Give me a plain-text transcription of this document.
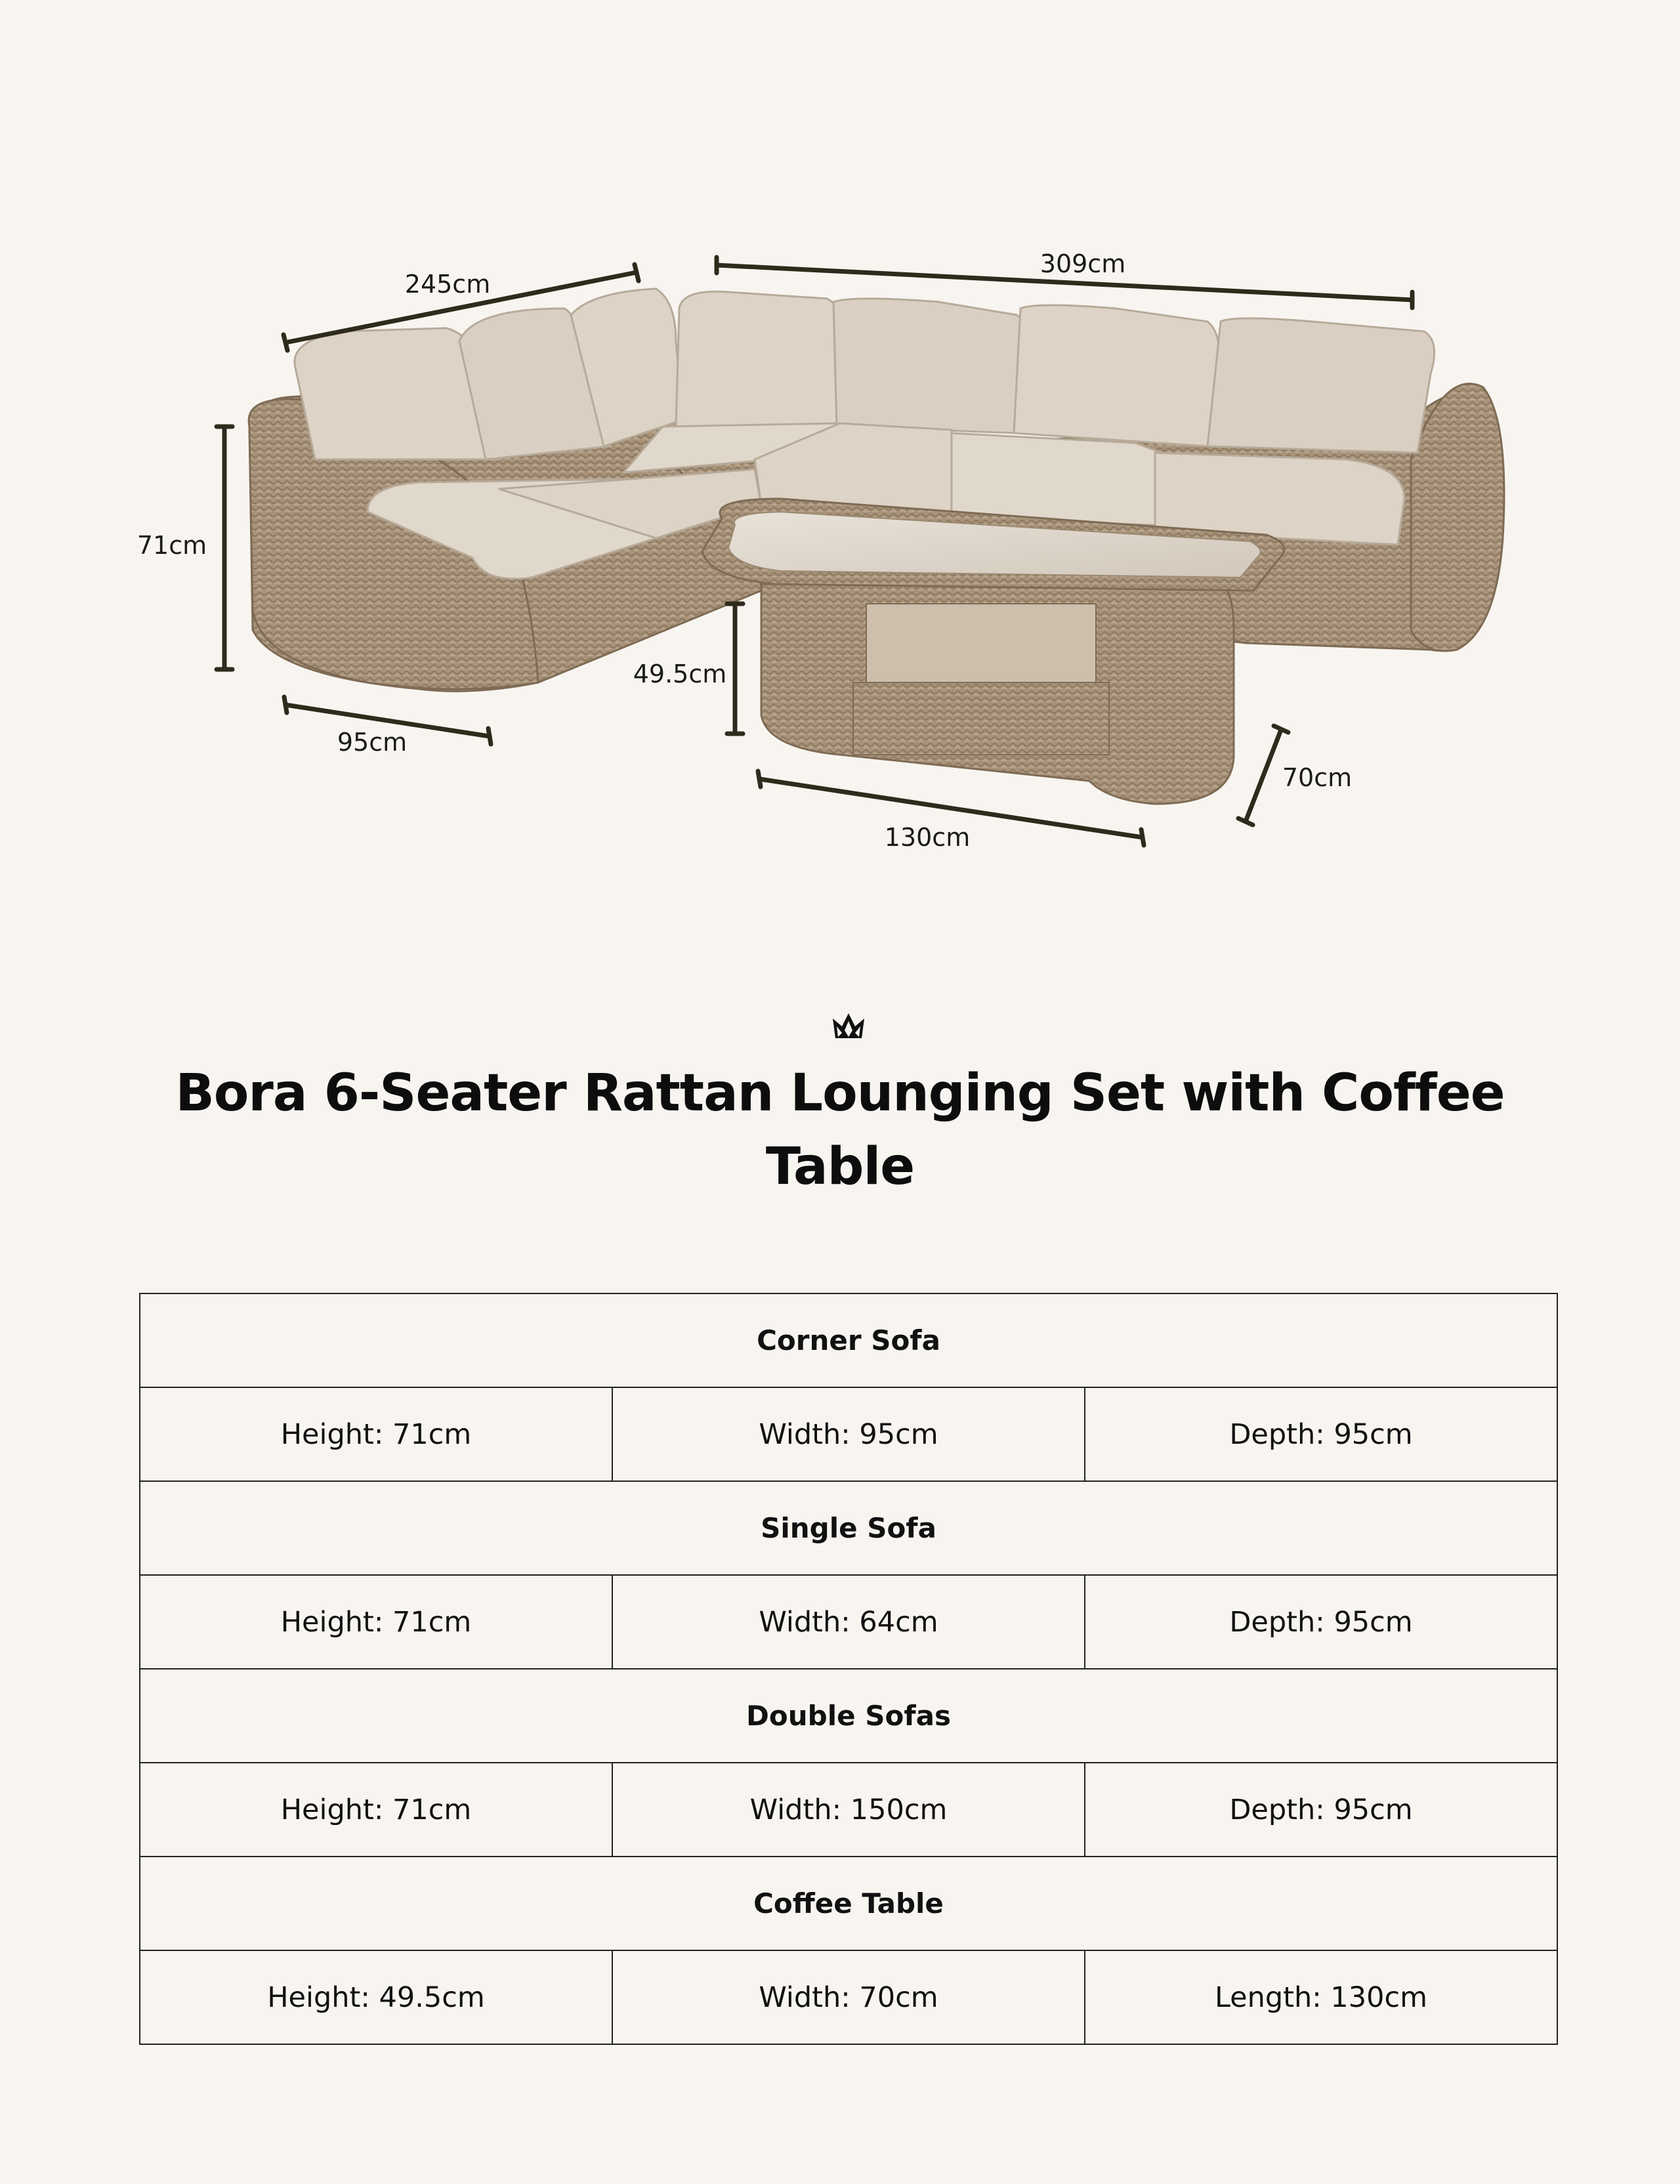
245cm
309cm
71cm
95cm
49.5cm
130cm
70cm
Bora 6-Seater Rattan Lounging Set with Coffee Table
Corner Sofa		
Height: 71cm	Width: 95cm	Depth: 95cm
Single Sofa		
Height: 71cm	Width: 64cm	Depth: 95cm
Double Sofas		
Height: 71cm	Width: 150cm	Depth: 95cm
Coffee Table		
Height: 49.5cm	Width: 70cm	Length: 130cm
